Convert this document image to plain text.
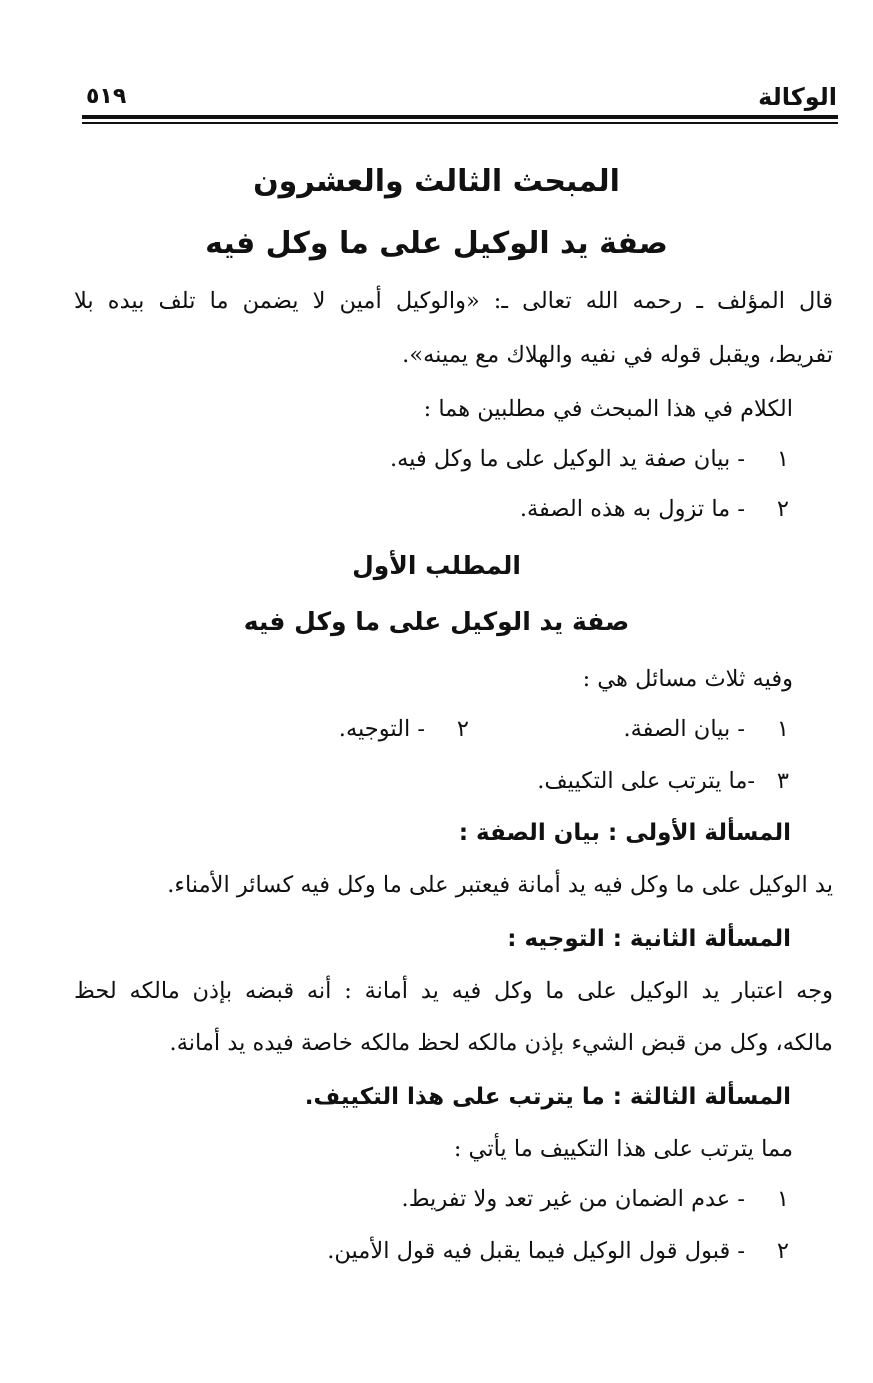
الوكالة
٥١٩
المبحث الثالث والعشرون
صفة يد الوكيل على ما وكل فيه
قال المؤلف ـ رحمه الله تعالى ـ: «والوكيل أمين لا يضمن ما تلف بيده بلا
تفريط، ويقبل قوله في نفيه والهلاك مع يمينه».
الكلام في هذا المبحث في مطلبين هما :
١- بيان صفة يد الوكيل على ما وكل فيه.
٢- ما تزول به هذه الصفة.
المطلب الأول
صفة يد الوكيل على ما وكل فيه
وفيه ثلاث مسائل هي :
١- بيان الصفة.
٢- التوجيه.
٣-ما يترتب على التكييف.
المسألة الأولى : بيان الصفة :
يد الوكيل على ما وكل فيه يد أمانة فيعتبر على ما وكل فيه كسائر الأمناء.
المسألة الثانية : التوجيه :
وجه اعتبار يد الوكيل على ما وكل فيه يد أمانة : أنه قبضه بإذن مالكه لحظ
مالكه، وكل من قبض الشيء بإذن مالكه لحظ مالكه خاصة فيده يد أمانة.
المسألة الثالثة : ما يترتب على هذا التكييف.
مما يترتب على هذا التكييف ما يأتي :
١- عدم الضمان من غير تعد ولا تفريط.
٢- قبول قول الوكيل فيما يقبل فيه قول الأمين.
